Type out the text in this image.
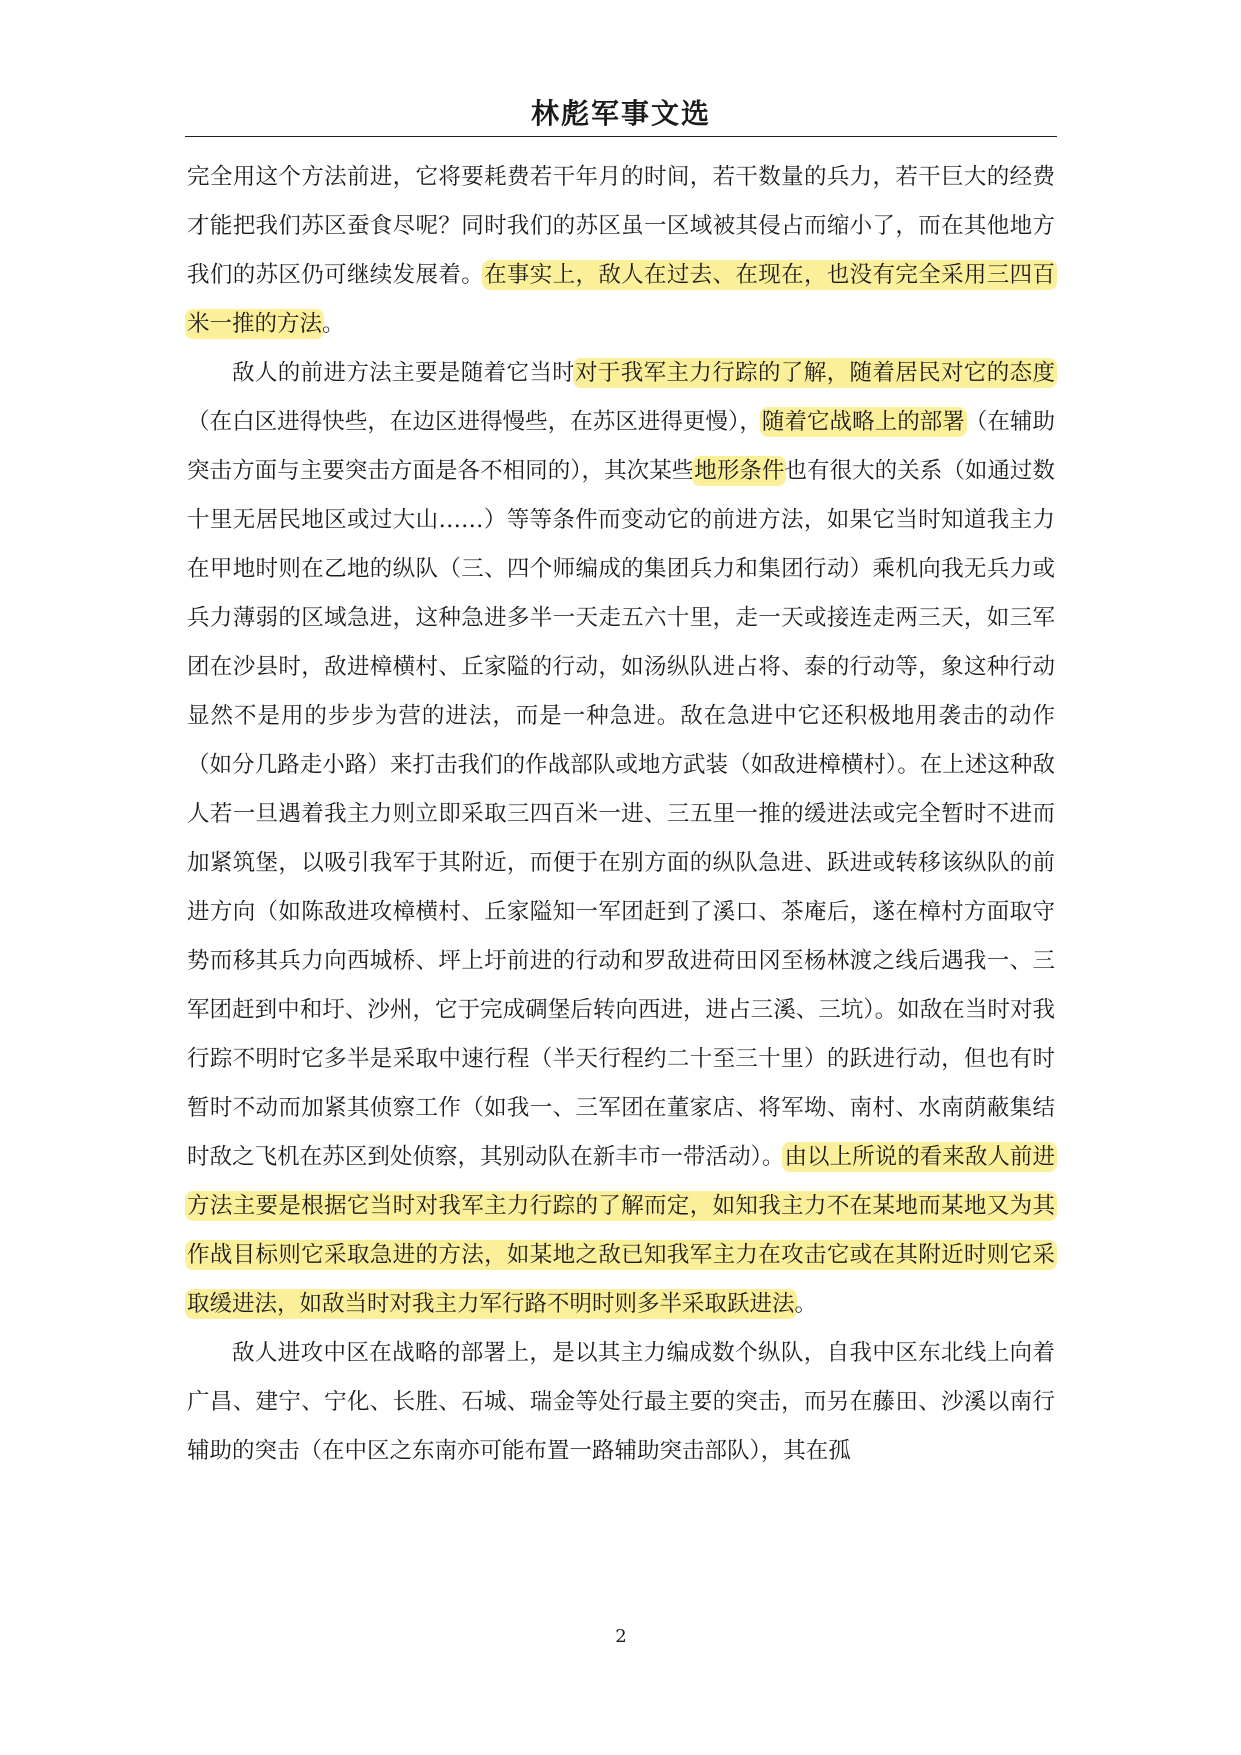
林彪军事文选

完全用这个方法前进，它将要耗费若干年月的时间，若干数量的兵力，若干巨大的经费才能把我们苏区蚕食尽呢？同时我们的苏区虽一区域被其侵占而缩小了，而在其他地方我们的苏区仍可继续发展着。在事实上，敌人在过去、在现在，也没有完全采用三四百米一推的方法。

敌人的前进方法主要是随着它当时对于我军主力行踪的了解，随着居民对它的态度（在白区进得快些，在边区进得慢些，在苏区进得更慢），随着它战略上的部署（在辅助突击方面与主要突击方面是各不相同的），其次某些地形条件也有很大的关系（如通过数十里无居民地区或过大山……）等等条件而变动它的前进方法，如果它当时知道我主力在甲地时则在乙地的纵队（三、四个师编成的集团兵力和集团行动）乘机向我无兵力或兵力薄弱的区域急进，这种急进多半一天走五六十里，走一天或接连走两三天，如三军团在沙县时，敌进樟横村、丘家隘的行动，如汤纵队进占将、泰的行动等，象这种行动显然不是用的步步为营的进法，而是一种急进。敌在急进中它还积极地用袭击的动作（如分几路走小路）来打击我们的作战部队或地方武装（如敌进樟横村）。在上述这种敌人若一旦遇着我主力则立即采取三四百米一进、三五里一推的缓进法或完全暂时不进而加紧筑堡，以吸引我军于其附近，而便于在别方面的纵队急进、跃进或转移该纵队的前进方向（如陈敌进攻樟横村、丘家隘知一军团赶到了溪口、茶庵后，遂在樟村方面取守势而移其兵力向西城桥、坪上圩前进的行动和罗敌进荷田冈至杨林渡之线后遇我一、三军团赶到中和圩、沙州，它于完成碉堡后转向西进，进占三溪、三坑）。如敌在当时对我行踪不明时它多半是采取中速行程（半天行程约二十至三十里）的跃进行动，但也有时暂时不动而加紧其侦察工作（如我一、三军团在董家店、将军坳、南村、水南荫蔽集结时敌之飞机在苏区到处侦察，其别动队在新丰市一带活动）。由以上所说的看来敌人前进方法主要是根据它当时对我军主力行踪的了解而定，如知我主力不在某地而某地又为其作战目标则它采取急进的方法，如某地之敌已知我军主力在攻击它或在其附近时则它采取缓进法，如敌当时对我主力军行路不明时则多半采取跃进法。

敌人进攻中区在战略的部署上，是以其主力编成数个纵队，自我中区东北线上向着广昌、建宁、宁化、长胜、石城、瑞金等处行最主要的突击，而另在藤田、沙溪以南行辅助的突击（在中区之东南亦可能布置一路辅助突击部队），其在孤

2
